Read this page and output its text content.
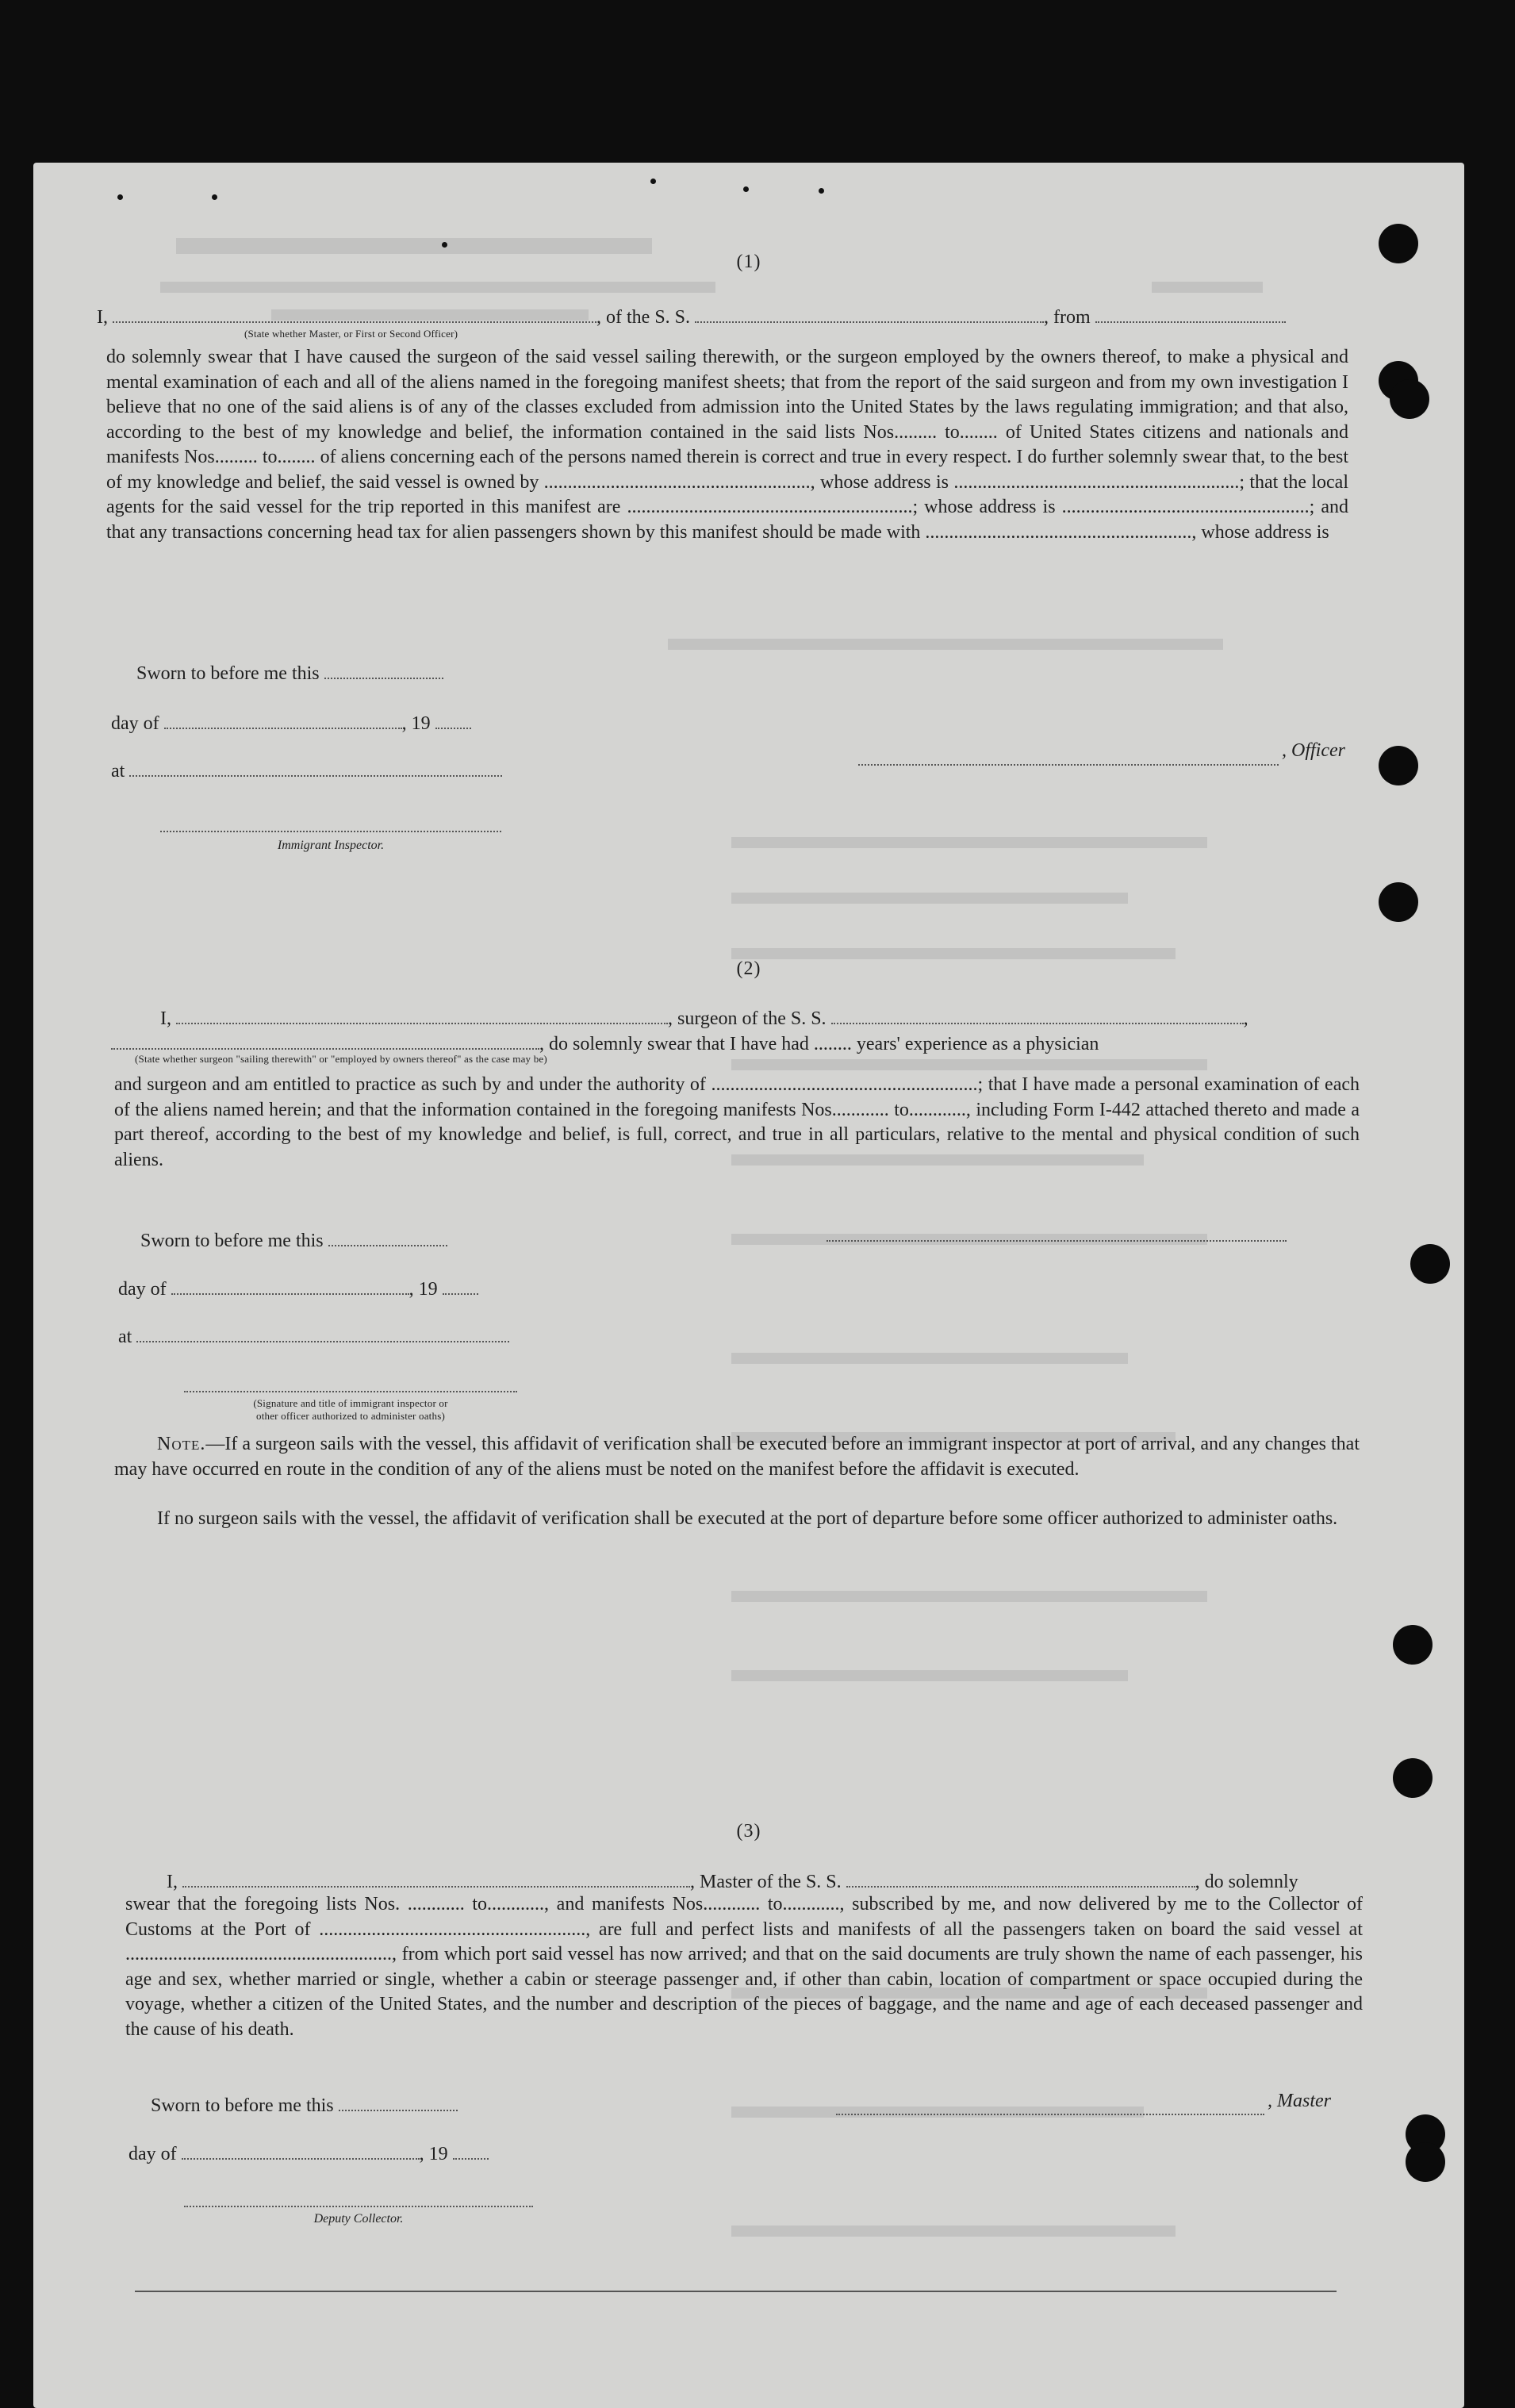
(1)
I,	, of the S. S.	, from
(State whether Master, or First or Second Officer)
do solemnly swear that I have caused the surgeon of the said vessel sailing therewith, or the surgeon employed by the owners thereof, to make a physical and mental examination of each and all of the aliens named in the foregoing manifest sheets; that from the report of the said surgeon and from my own investigation I believe that no one of the said aliens is of any of the classes excluded from admission into the United States by the laws regulating immigration; and that also, according to the best of my knowledge and belief, the information contained in the said lists Nos......... to........ of United States citizens and nationals and manifests Nos......... to........ of aliens concerning each of the persons named therein is correct and true in every respect. I do further solemnly swear that, to the best of my knowledge and belief, the said vessel is owned by ........................................................, whose address is ............................................................; that the local agents for the said vessel for the trip reported in this manifest are ............................................................; whose address is ....................................................; and that any transactions concerning head tax for alien passengers shown by this manifest should be made with ........................................................, whose address is
Sworn to before me this
day of	, 19
at
, Officer
Immigrant Inspector.
(2)
I,	, surgeon of the S. S.	,
, do solemnly swear that I have had ........ years' experience as a physician
(State whether surgeon "sailing therewith" or "employed by owners thereof" as the case may be)
and surgeon and am entitled to practice as such by and under the authority of ........................................................; that I have made a personal examination of each of the aliens named herein; and that the information contained in the foregoing manifests Nos............ to............, including Form I-442 attached thereto and made a part thereof, according to the best of my knowledge and belief, is full, correct, and true in all particulars, relative to the mental and physical condition of such aliens.
Sworn to before me this
day of	, 19
at
(Signature and title of immigrant inspector or
other officer authorized to administer oaths)
Note.—If a surgeon sails with the vessel, this affidavit of verification shall be executed before an immigrant inspector at port of arrival, and any changes that may have occurred en route in the condition of any of the aliens must be noted on the manifest before the affidavit is executed.
If no surgeon sails with the vessel, the affidavit of verification shall be executed at the port of departure before some officer authorized to administer oaths.
(3)
I,	, Master of the S. S.	, do solemnly
swear that the foregoing lists Nos. ............ to............, and manifests Nos............ to............, subscribed by me, and now delivered by me to the Collector of Customs at the Port of ........................................................, are full and perfect lists and manifests of all the passengers taken on board the said vessel at ........................................................, from which port said vessel has now arrived; and that on the said documents are truly shown the name of each passenger, his age and sex, whether married or single, whether a cabin or steerage passenger and, if other than cabin, location of compartment or space occupied during the voyage, whether a citizen of the United States, and the number and description of the pieces of baggage, and the name and age of each deceased passenger and the cause of his death.
Sworn to before me this
day of	, 19
, Master
Deputy Collector.
